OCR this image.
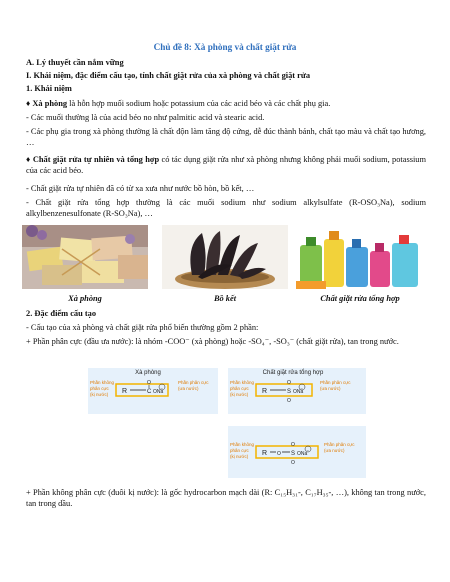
Chủ đề 8: Xà phòng và chất giặt rửa
A. Lý thuyết cần nắm vững
I. Khái niệm, đặc điểm cấu tạo, tính chất giặt rửa của xà phòng và chất giặt rửa
1. Khái niệm
♦ Xà phòng là hỗn hợp muối sodium hoặc potassium của các acid béo và các chất phụ gia.
- Các muối thường là của acid béo no như palmitic acid và stearic acid.
- Các phụ gia trong xà phòng thường là chất độn làm tăng độ cứng, dễ đúc thành bánh, chất tạo màu và chất tạo hương, …
♦ Chất giặt rửa tự nhiên và tổng hợp có tác dụng giặt rửa như xà phòng nhưng không phải muối sodium, potassium của các acid béo.
- Chất giặt rửa tự nhiên đã có từ xa xưa như nước bồ hòn, bồ kết, …
- Chất giặt rửa tổng hợp thường là các muối sodium như sodium alkylsulfate (R-OSO₃Na), sodium alkylbenzenesulfonate (R-SO₃Na), …
Xà phòng	Bồ kết	Chất giặt rửa tổng hợp
2. Đặc điểm cấu tạo
- Cấu tạo của xà phòng và chất giặt rửa phổ biến thường gồm 2 phần:
+ Phần phân cực (đầu ưa nước): là nhóm -COO⁻ (xà phòng) hoặc -SO₄⁻, -SO₃⁻ (chất giặt rửa), tan trong nước.
Xà phòng	Chất giặt rửa tổng hợp
Phần không
phân cực
(kị nước) R	C
O
ONa
–
Phần phân cực
(ưa nước)
Phần không
phân cực
(kị nước) R	S
O
O
ONa
–
Phần phân cực
(ưa nước)
Phần không
phân cực
(kị nước) R O S
O
O
ONa
–
Phần phân cực
(ưa nước)
+ Phần không phân cực (đuôi kị nước): là gốc hydrocarbon mạch dài (R: C₁₅H₃₁-, C₁₇H₃₅-, …), không tan trong nước, tan trong dầu.
